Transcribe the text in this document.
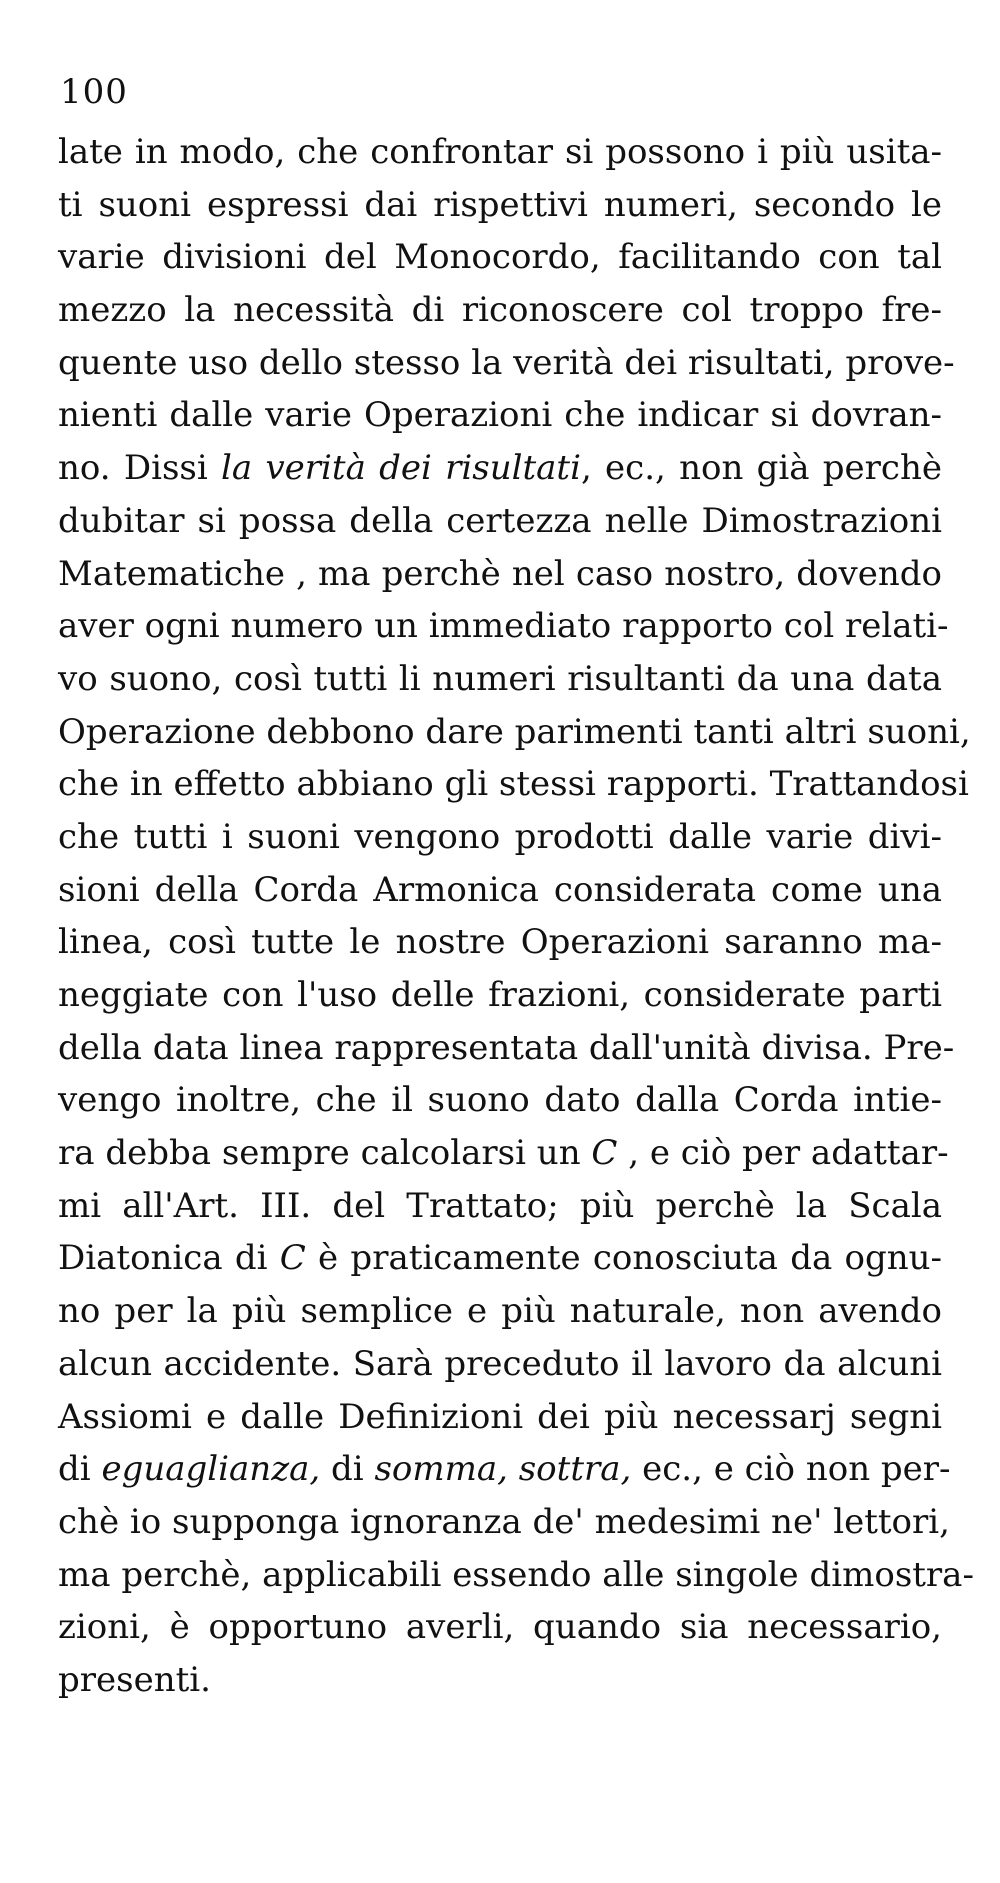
100
late in modo, che confrontar si possono i più usita-
ti suoni espressi dai rispettivi numeri, secondo le
varie divisioni del Monocordo, facilitando con tal
mezzo la necessità di riconoscere col troppo fre-
quente uso dello stesso la verità dei risultati, prove-
nienti dalle varie Operazioni che indicar si dovran-
no. Dissi la verità dei risultati, ec., non già perchè
dubitar si possa della certezza nelle Dimostrazioni
Matematiche , ma perchè nel caso nostro, dovendo
aver ogni numero un immediato rapporto col relati-
vo suono, così tutti li numeri risultanti da una data
Operazione debbono dare parimenti tanti altri suoni,
che in effetto abbiano gli stessi rapporti. Trattandosi
che tutti i suoni vengono prodotti dalle varie divi-
sioni della Corda Armonica considerata come una
linea, così tutte le nostre Operazioni saranno ma-
neggiate con l'uso delle frazioni, considerate parti
della data linea rappresentata dall'unità divisa. Pre-
vengo inoltre, che il suono dato dalla Corda intie-
ra debba sempre calcolarsi un C , e ciò per adattar-
mi all'Art. III. del Trattato; più perchè la Scala
Diatonica di C è praticamente conosciuta da ognu-
no per la più semplice e più naturale, non avendo
alcun accidente. Sarà preceduto il lavoro da alcuni
Assiomi e dalle Definizioni dei più necessarj segni
di eguaglianza, di somma, sottra, ec., e ciò non per-
chè io supponga ignoranza de' medesimi ne' lettori,
ma perchè, applicabili essendo alle singole dimostra-
zioni, è opportuno averli, quando sia necessario,
presenti.
